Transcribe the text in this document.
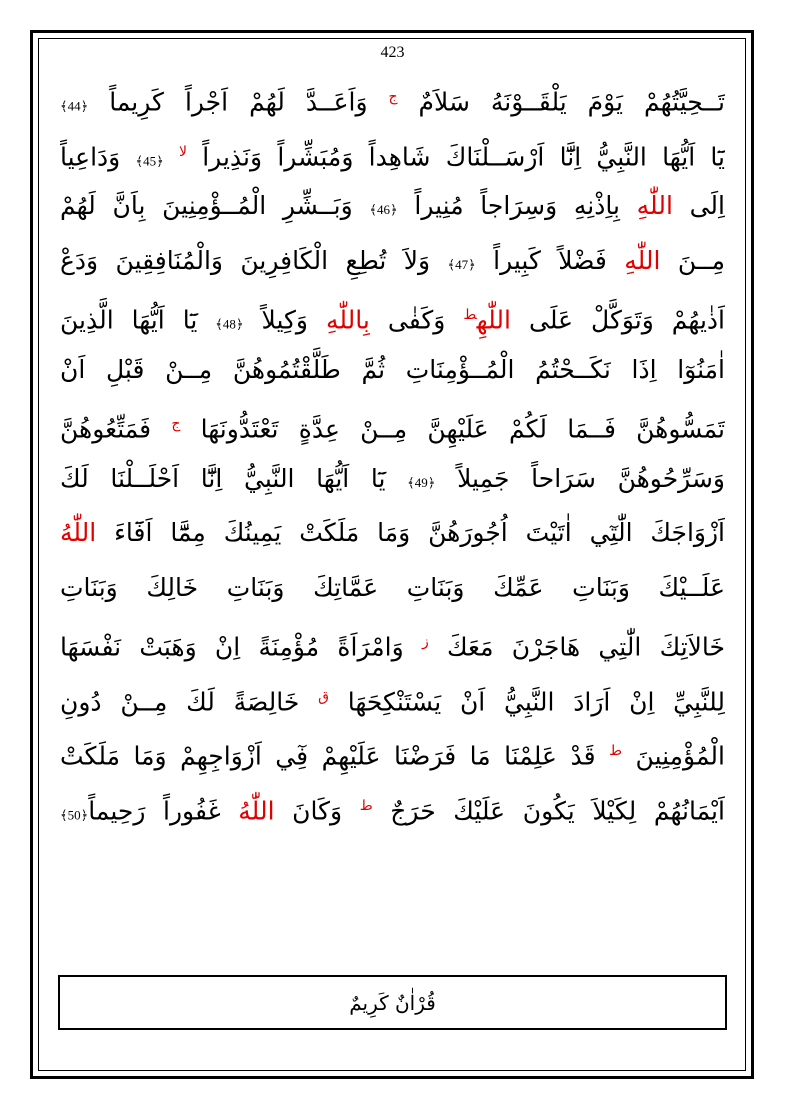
423
تَــحِيَّتُهُمْ يَوْمَ يَلْقَــوْنَهُ سَلاَمٌ $^ج$ وَاَعَــدَّ لَهُمْ اَجْراً كَرِيماً ﴿44﴾
يَٓا اَيُّهَا النَّبِيُّ اِنَّٓا اَرْسَــلْنَاكَ شَاهِداً وَمُبَشِّراً وَنَذِيراً $^{لا}$ ﴿45﴾ وَدَاعِياً
اِلَى اللّٰهِ بِاِذْنِهِ وَسِرَاجاً مُنِيراً ﴿46﴾ وَبَــشِّرِ الْمُــؤْمِنِينَ بِاَنَّ لَهُمْ
مِــنَ اللّٰهِ فَضْلاً كَبِيراً ﴿47﴾ وَلاَ تُطِعِ الْكَافِرِينَ وَالْمُنَافِقِينَ وَدَعْ
اَذٰيهُمْ وَتَوَكَّلْ عَلَى اللّٰهِ$^ط$ وَكَفٰى بِاللّٰهِ وَكِيلاً ﴿48﴾ يَٓا اَيُّهَا الَّذِينَ
اٰمَنُوٓا اِذَا نَكَــحْتُمُ الْمُــؤْمِنَاتِ ثُمَّ طَلَّقْتُمُوهُنَّ مِــنْ قَبْلِ اَنْ
تَمَسُّوهُنَّ فَــمَا لَكُمْ عَلَيْهِنَّ مِــنْ عِدَّةٍ تَعْتَدُّونَهَا $^ج$ فَمَتِّعُوهُنَّ
وَسَرِّحُوهُنَّ سَرَاحاً جَمِيلاً ﴿49﴾ يَٓا اَيُّهَا النَّبِيُّ اِنَّٓا اَحْلَــلْنَا لَكَ
اَزْوَاجَكَ الّٰتِٓي اٰتَيْتَ اُجُورَهُنَّ وَمَا مَلَكَتْ يَمِينُكَ مِمَّٓا اَفَٓاءَ اللّٰهُ
عَلَــيْكَ وَبَنَاتِ عَمِّكَ وَبَنَاتِ عَمَّاتِكَ وَبَنَاتِ خَالِكَ وَبَنَاتِ
خَالاَتِكَ الّٰتِي هَاجَرْنَ مَعَكَ $^ز$ وَامْرَاَةً مُؤْمِنَةً اِنْ وَهَبَتْ نَفْسَهَا
لِلنَّبِيِّ اِنْ اَرَادَ النَّبِيُّ اَنْ يَسْتَنْكِحَهَا $^ق$ خَالِصَةً لَكَ مِــنْ دُونِ
الْمُؤْمِنِينَ $^ط$ قَدْ عَلِمْنَا مَا فَرَضْنَا عَلَيْهِمْ فِٓي اَزْوَاجِهِمْ وَمَا مَلَكَتْ
اَيْمَانُهُمْ لِكَيْلاَ يَكُونَ عَلَيْكَ حَرَجٌ $^ط$ وَكَانَ اللّٰهُ غَفُوراً رَحِيماً﴿50﴾
قُرْاٰنٌ كَرِيمٌ
